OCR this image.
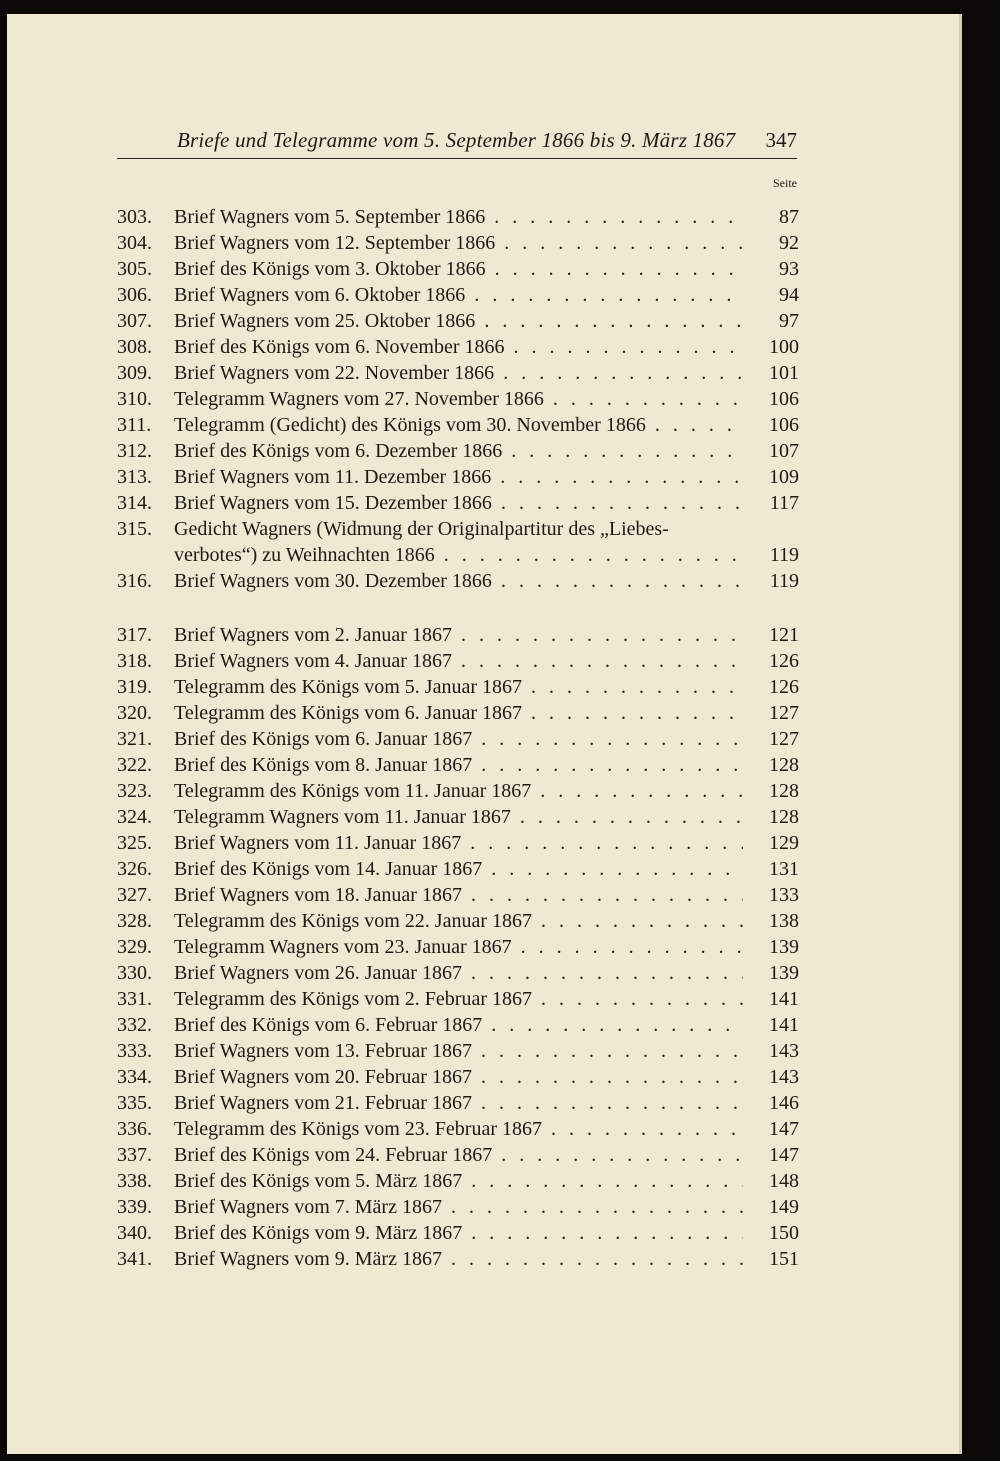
Briefe und Telegramme vom 5. September 1866 bis 9. März 1867 347
Seite
303.	Brief Wagners vom 5. September 1866 . . .	87
304.	Brief Wagners vom 12. September 1866 . . .	92
305.	Brief des Königs vom 3. Oktober 1866 . . .	93
306.	Brief Wagners vom 6. Oktober 1866 . . .	94
307.	Brief Wagners vom 25. Oktober 1866 . . .	97
308.	Brief des Königs vom 6. November 1866 . . .	100
309.	Brief Wagners vom 22. November 1866 . . .	101
310.	Telegramm Wagners vom 27. November 1866 . . .	106
311.	Telegramm (Gedicht) des Königs vom 30. November 1866 . . .	106
312.	Brief des Königs vom 6. Dezember 1866 . . .	107
313.	Brief Wagners vom 11. Dezember 1866 . . .	109
314.	Brief Wagners vom 15. Dezember 1866 . . .	117
315.	Gedicht Wagners (Widmung der Originalpartitur des „Liebes-
verbotes“) zu Weihnachten 1866 . . .	119
316.	Brief Wagners vom 30. Dezember 1866 . . .	119
317.	Brief Wagners vom 2. Januar 1867 . . .	121
318.	Brief Wagners vom 4. Januar 1867 . . .	126
319.	Telegramm des Königs vom 5. Januar 1867 . . .	126
320.	Telegramm des Königs vom 6. Januar 1867 . . .	127
321.	Brief des Königs vom 6. Januar 1867 . . .	127
322.	Brief des Königs vom 8. Januar 1867 . . .	128
323.	Telegramm des Königs vom 11. Januar 1867 . . .	128
324.	Telegramm Wagners vom 11. Januar 1867 . . .	128
325.	Brief Wagners vom 11. Januar 1867 . . .	129
326.	Brief des Königs vom 14. Januar 1867 . . .	131
327.	Brief Wagners vom 18. Januar 1867 . . .	133
328.	Telegramm des Königs vom 22. Januar 1867 . . .	138
329.	Telegramm Wagners vom 23. Januar 1867 . . .	139
330.	Brief Wagners vom 26. Januar 1867 . . .	139
331.	Telegramm des Königs vom 2. Februar 1867 . . .	141
332.	Brief des Königs vom 6. Februar 1867 . . .	141
333.	Brief Wagners vom 13. Februar 1867 . . .	143
334.	Brief Wagners vom 20. Februar 1867 . . .	143
335.	Brief Wagners vom 21. Februar 1867 . . .	146
336.	Telegramm des Königs vom 23. Februar 1867 . . .	147
337.	Brief des Königs vom 24. Februar 1867 . . .	147
338.	Brief des Königs vom 5. März 1867 . . .	148
339.	Brief Wagners vom 7. März 1867 . . .	149
340.	Brief des Königs vom 9. März 1867 . . .	150
341.	Brief Wagners vom 9. März 1867 . . .	151
